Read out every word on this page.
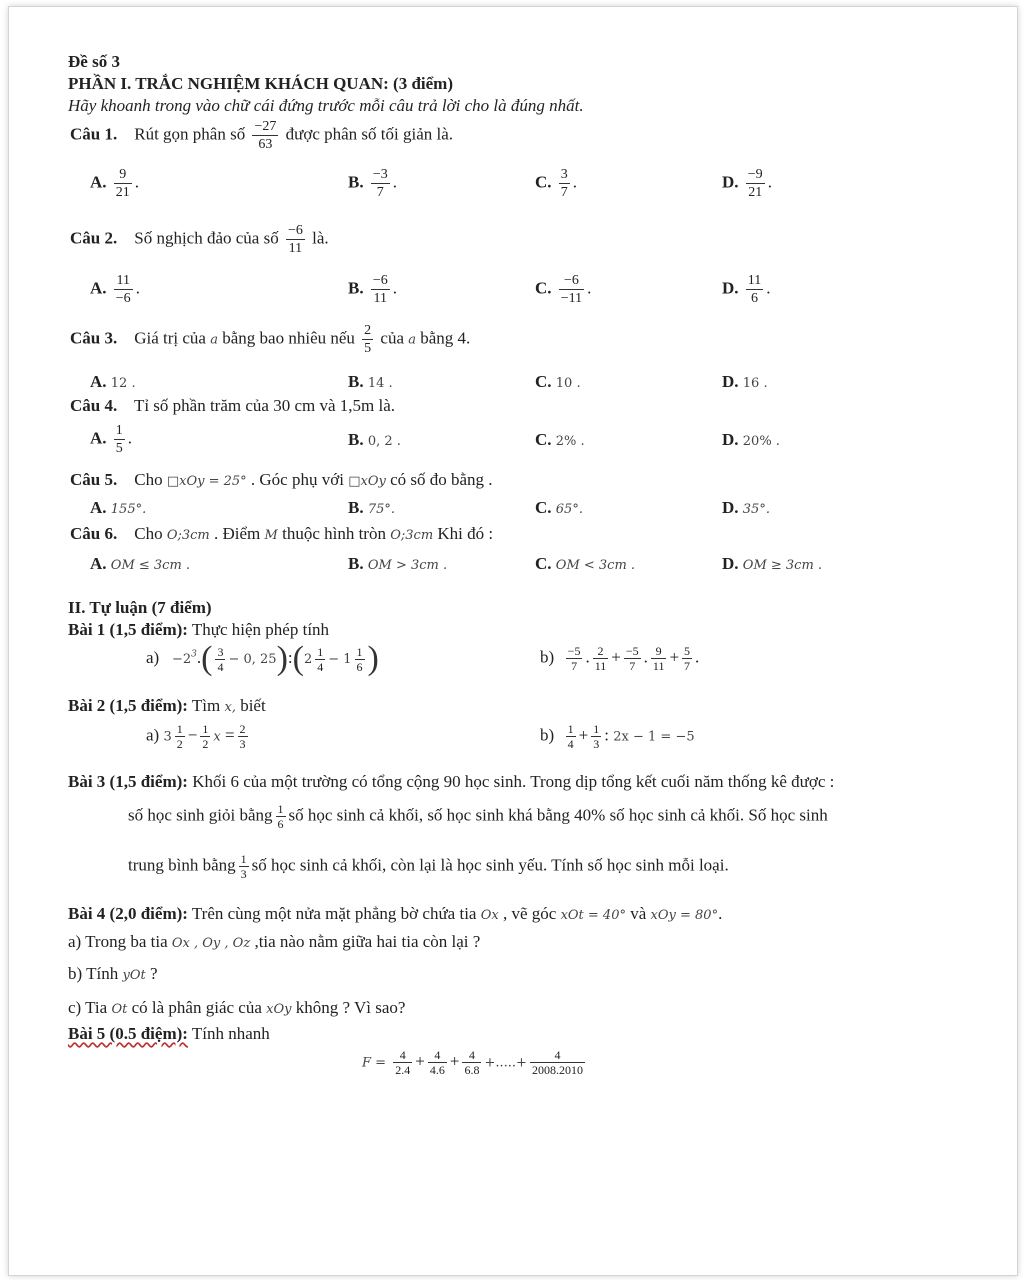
Đề số 3
PHẦN I. TRẮC NGHIỆM KHÁCH QUAN: (3 điểm)
Hãy khoanh trong vào chữ cái đứng trước mỗi câu trả lời cho là đúng nhất.
Câu 1. Rút gọn phân số $\frac{-27}{63}$ được phân số tối giản là.
A. $\frac{9}{21}$ .	B. $\frac{-3}{7}$ .	C. $\frac{3}{7}$ .	D. $\frac{-9}{21}$ .
Câu 2. Số nghịch đảo của số $\frac{-6}{11}$ là.
A. $\frac{11}{-6}$ .	B. $\frac{-6}{11}$ .	C. $\frac{-6}{-11}$ .	D. $\frac{11}{6}$ .
Câu 3. Giá trị của a bằng bao nhiêu nếu $\frac{2}{5}$ của a bằng 4.
A. 12 .	B. 14 .	C. 10 .	D. 16 .
Câu 4. Tỉ số phần trăm của 30 cm và 1,5m là.
A. $\frac{1}{5}$ .	B. 0, 2 .	C. 2% .	D. 20% .
Câu 5. Cho □xOy = 25° . Góc phụ với □xOy có số đo bằng .
A. 155°.	B. 75°.	C. 65°.	D. 35°.
Câu 6. Cho O;3cm . Điểm M thuộc hình tròn O;3cm Khi đó :
A. OM ≤ 3cm .	B. OM > 3cm .	C. OM < 3cm .	D. OM ≥ 3cm .
II. Tự luận (7 điểm)
Bài 1 (1,5 điểm): Thực hiện phép tính
$a) -2^3.( \frac{3}{4} - 0$, 25):(2 $\frac{1}{4} - 1 \frac{1}{6}$ )	$b) \frac{-5}{7}$ . $\frac{2}{11} + \frac{-5}{7}$ . $\frac{9}{11} + \frac{5}{7}$ .
Bài 2 (1,5 điểm): Tìm x, biết
a) $3 \frac{1}{2} - \frac{1}{2}$ $x = \frac{2}{3}$	$b) \frac{1}{4} + \frac{1}{3}$ : 2x − 1 = −5
Bài 3 (1,5 điểm): Khối 6 của một trường có tổng cộng 90 học sinh. Trong dịp tổng kết cuối năm thống kê được :
số học sinh giỏi bằng $\frac{1}{6}$ số học sinh cả khối, số học sinh khá bằng 40% số học sinh cả khối. Số học sinh
trung bình bằng $\frac{1}{3}$ số học sinh cả khối, còn lại là học sinh yếu. Tính số học sinh mỗi loại.
Bài 4 (2,0 điểm): Trên cùng một nửa mặt phẳng bờ chứa tia Ox , vẽ góc xOt = 40° và xOy = 80°.
a) Trong ba tia Ox , Oy , Oz ,tia nào nằm giữa hai tia còn lại ?
b) Tính yOt ?
c) Tia Ot có là phân giác của xOy không ? Vì sao?
Bài 5 (0.5 điệm): Tính nhanh
$F = \frac{4}{2.4} + \frac{4}{4.6} + \frac{4}{6.8}$ +.....+ $\frac{4}{2008.2010}$
